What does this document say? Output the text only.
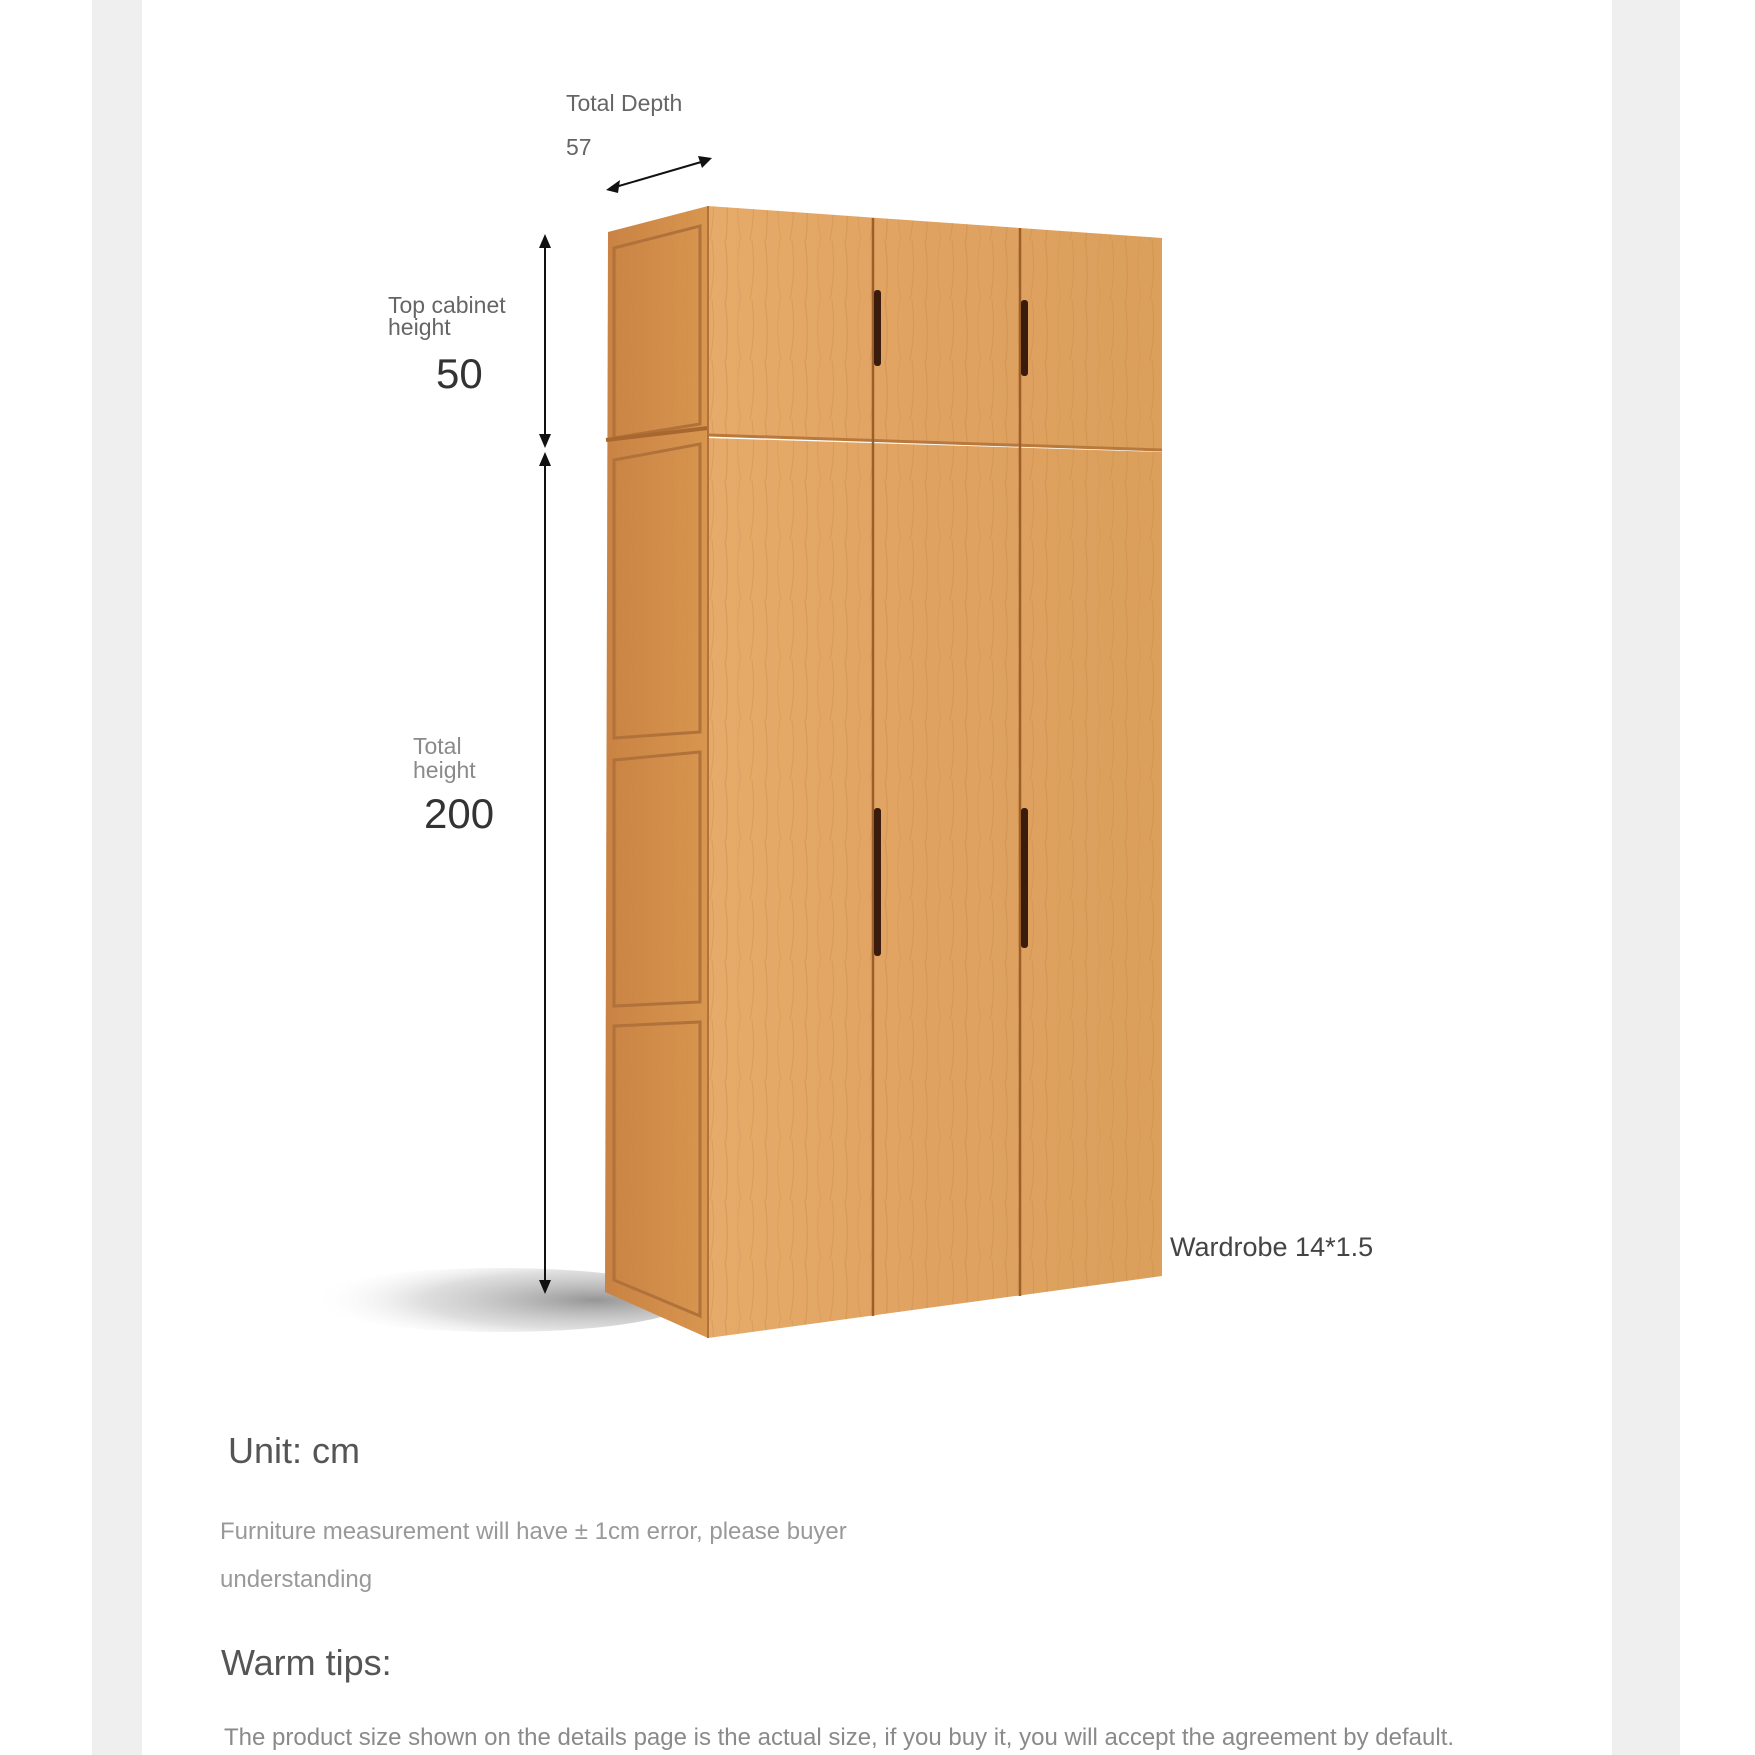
Total Depth
57
Top cabinet
height
50
Total
height
200
Wardrobe 14*1.5
Unit: cm
Furniture measurement will have ± 1cm error, please buyer understanding
Warm tips:
The product size shown on the details page is the actual size, if you buy it, you will accept the agreement by default.
